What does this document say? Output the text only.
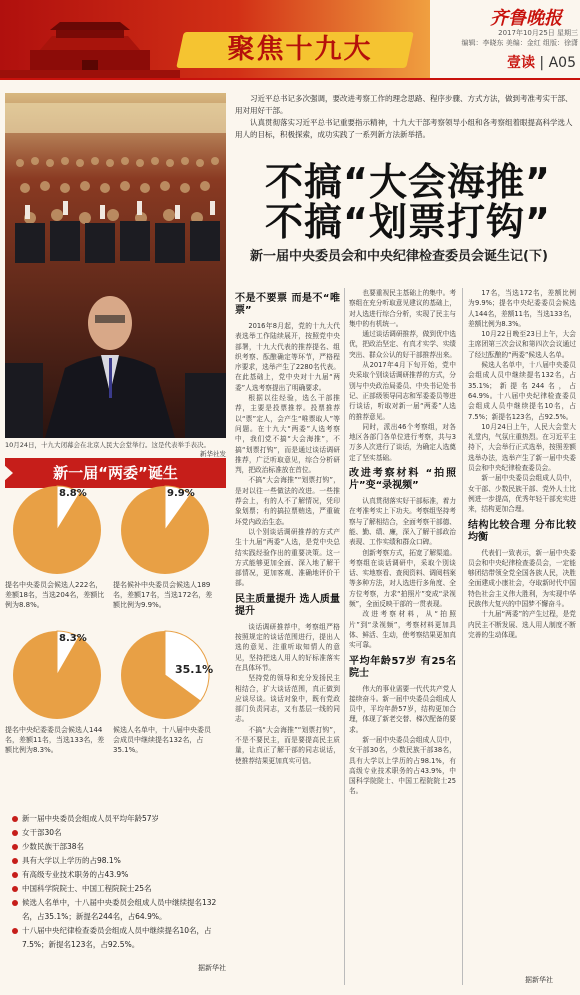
聚焦十九大
齐鲁晚报
2017年10月25日 星期三
编辑：李晓东 美编：金红 组版：徐潇
壹读 | A05
10月24日，十九大闭幕会在北京人民大会堂举行。这是代表举手表决。
新华社发

习近平总书记多次强调，要改进考察工作的理念思路、程序步骤、方式方法，做到考准考实干部、用对用好干部。

认真贯彻落实习近平总书记重要指示精神，十九大干部考察领导小组和各考察组着眼提高科学选人用人的目标，积极探索，成功实践了一系列新方法新举措。

不搞“大会海推”
不搞“划票打钩”
新一届中央委员会和中央纪律检查委员会诞生记(下)
新一届“两委”诞生
8.8%
提名中央委员会候选人222名，差额18名，当选204名，差额比例为8.8%。
9.9%
提名候补中央委员会候选人189名，差额17名，当选172名，差额比例为9.9%。
8.3%
提名中央纪委委员会候选人144名，差额11名，当选133名，差额比例为8.3%。
35.1%
候选人名单中，十八届中央委员会成员中继续提名132名，占35.1%。
新一届中央委员会组成人员平均年龄57岁
女干部30名
少数民族干部38名
具有大学以上学历的占98.1%
有高级专业技术职务的占43.9%
中国科学院院士、中国工程院院士25名
候选人名单中，十八届中央委员会组成人员中继续提名132名，占35.1%；新提名244名，占64.9%。
十八届中央纪律检查委员会组成人员中继续提名10名，占7.5%；新提名123名，占92.5%。
据新华社
不是不要票 而是不“唯票”

2016年8月起，党的十九大代表选举工作陆续展开，按照党中央部署，十九大代表的推荐提名、组织考察、酝酿确定等环节，严格程序要求，选举产生了2280名代表。在此基础上，党中央对十九届“两委”人选考察提出了明确要求。

根据以往经验，选么干部推荐，主要是投票推荐。投票推荐以“票”定人，会产生“唯票取人”等问题。在十九大“两委”人选考察中，我们党不搞“大会海推”，不搞“划票打钩”，而是通过谈话调研推荐，广泛听取意见，综合分析研判，把政治标准放在首位。

不搞“大会海推”“划票打钩”，是对以往一些做法的改进。一些推荐会上，有的人不了解情况，凭印象划票；有的搞拉票贿选，严重破坏党内政治生态。

以个别谈话调研推荐的方式产生十九届“两委”人选，是党中央总结实践经验作出的重要决策。这一方式能够更加全面、深入地了解干部情况，更加客观、准确地评价干部。

民主质量提升 选人质量提升

谈话调研推荐中，考察组严格按照规定的谈话范围进行，提出人选的意见、注重听取知情人的意见，坚持把选人用人的好标准落实在具体环节。

坚持党的领导和充分发扬民主相结合，扩大谈话范围，真正做到应谈尽谈。谈话对象中，既有党政部门负责同志，又有基层一线的同志。

不搞“大会海推”“划票打钩”，不是不要民主，而是要提高民主质量，让真正了解干部的同志说话，使推荐结果更加真实可信。

也要重视民主基础上的集中。考察组在充分听取意见建议的基础上，对人选进行综合分析，实现了民主与集中的有机统一。

通过谈话调研推荐，做到优中选优，把政治坚定、有真才实学、实绩突出、群众公认的好干部推荐出来。

从2017年4月下旬开始，党中央采取个别谈话调研推荐的方式，分别与中央政治局委员、中央书记处书记、正部级领导同志和军委委员等进行谈话，听取对新一届“两委”人选的推荐意见。

同时，派出46个考察组，对各地区各部门各单位进行考察，共与3万多人次进行了谈话，为确定人选奠定了坚实基础。

改进考察材料 “拍照片”变“录视频”

认真贯彻落实好干部标准，着力在考准考实上下功夫。考察组坚持考察与了解相结合，全面考察干部德、能、勤、绩、廉，深入了解干部政治表现、工作实绩和群众口碑。

创新考察方式，拓宽了解渠道。考察组在谈话调研中，采取个别谈话、实地察看、查阅资料、调阅档案等多种方法，对人选进行多角度、全方位考察，力求“拍照片”变成“录视频”，全面反映干部的一贯表现。

改进考察材料，从“拍照片”到“录视频”，考察材料更加具体、鲜活、生动，使考察结果更加真实可靠。

平均年龄57岁 有25名院士

伟大的事业需要一代代共产党人接续奋斗。新一届中央委员会组成人员中，平均年龄57岁，结构更加合理，体现了新老交替、梯次配备的要求。

新一届中央委员会组成人员中，女干部30名，少数民族干部38名，具有大学以上学历的占98.1%，有高级专业技术职务的占43.9%，中国科学院院士、中国工程院院士25名。

17名，当选172名，差额比例为9.9%；提名中央纪委委员会候选人144名，差额11名，当选133名，差额比例为8.3%。

10月22日晚至23日上午，大会主席团第三次会议和第四次会议通过了经过酝酿的“两委”候选人名单。

候选人名单中，十八届中央委员会组成人员中继续提名132名，占35.1%；新提名244名，占64.9%。十八届中央纪律检查委员会组成人员中继续提名10名，占7.5%；新提名123名，占92.5%。

10月24日上午，人民大会堂大礼堂内，气氛庄重热烈。在习近平主持下，大会举行正式选举，按照差额选举办法，选举产生了新一届中央委员会和中央纪律检查委员会。

新一届中央委员会组成人员中，女干部、少数民族干部、党外人士比例进一步提高，优秀年轻干部充实进来，结构更加合理。

结构比较合理 分布比较均衡

代表们一致表示，新一届中央委员会和中央纪律检查委员会，一定能够团结带领全党全国各族人民，决胜全面建成小康社会，夺取新时代中国特色社会主义伟大胜利，为实现中华民族伟大复兴的中国梦不懈奋斗。

十九届“两委”的产生过程，是党内民主不断发展、选人用人制度不断完善的生动体现。

据新华社
